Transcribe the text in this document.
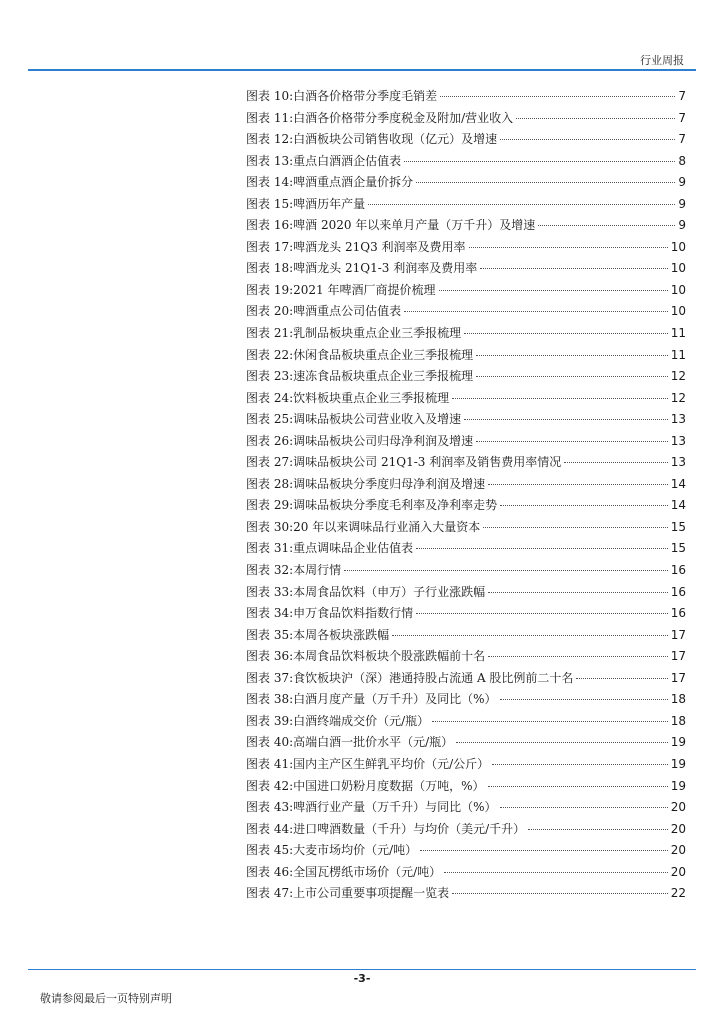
行业周报
图表 10: 白酒各价格带分季度毛销差	7
图表 11: 白酒各价格带分季度税金及附加/营业收入	7
图表 12: 白酒板块公司销售收现（亿元）及增速	7
图表 13: 重点白酒酒企估值表	8
图表 14: 啤酒重点酒企量价拆分	9
图表 15: 啤酒历年产量	9
图表 16: 啤酒 2020 年以来单月产量（万千升）及增速	9
图表 17: 啤酒龙头 21Q3 利润率及费用率	10
图表 18: 啤酒龙头 21Q1-3 利润率及费用率	10
图表 19: 2021 年啤酒厂商提价梳理	10
图表 20: 啤酒重点公司估值表	10
图表 21: 乳制品板块重点企业三季报梳理	11
图表 22: 休闲食品板块重点企业三季报梳理	11
图表 23: 速冻食品板块重点企业三季报梳理	12
图表 24: 饮料板块重点企业三季报梳理	12
图表 25: 调味品板块公司营业收入及增速	13
图表 26: 调味品板块公司归母净利润及增速	13
图表 27: 调味品板块公司 21Q1-3 利润率及销售费用率情况	13
图表 28: 调味品板块分季度归母净利润及增速	14
图表 29: 调味品板块分季度毛利率及净利率走势	14
图表 30: 20 年以来调味品行业涌入大量资本	15
图表 31: 重点调味品企业估值表	15
图表 32: 本周行情	16
图表 33: 本周食品饮料（申万）子行业涨跌幅	16
图表 34: 申万食品饮料指数行情	16
图表 35: 本周各板块涨跌幅	17
图表 36: 本周食品饮料板块个股涨跌幅前十名	17
图表 37: 食饮板块沪（深）港通持股占流通 A 股比例前二十名	17
图表 38: 白酒月度产量（万千升）及同比（%）	18
图表 39: 白酒终端成交价（元/瓶）	18
图表 40: 高端白酒一批价水平（元/瓶）	19
图表 41: 国内主产区生鲜乳平均价（元/公斤）	19
图表 42: 中国进口奶粉月度数据（万吨，%）	19
图表 43: 啤酒行业产量（万千升）与同比（%）	20
图表 44: 进口啤酒数量（千升）与均价（美元/千升）	20
图表 45: 大麦市场均价（元/吨）	20
图表 46: 全国瓦楞纸市场价（元/吨）	20
图表 47: 上市公司重要事项提醒一览表	22
-3-
敬请参阅最后一页特别声明
